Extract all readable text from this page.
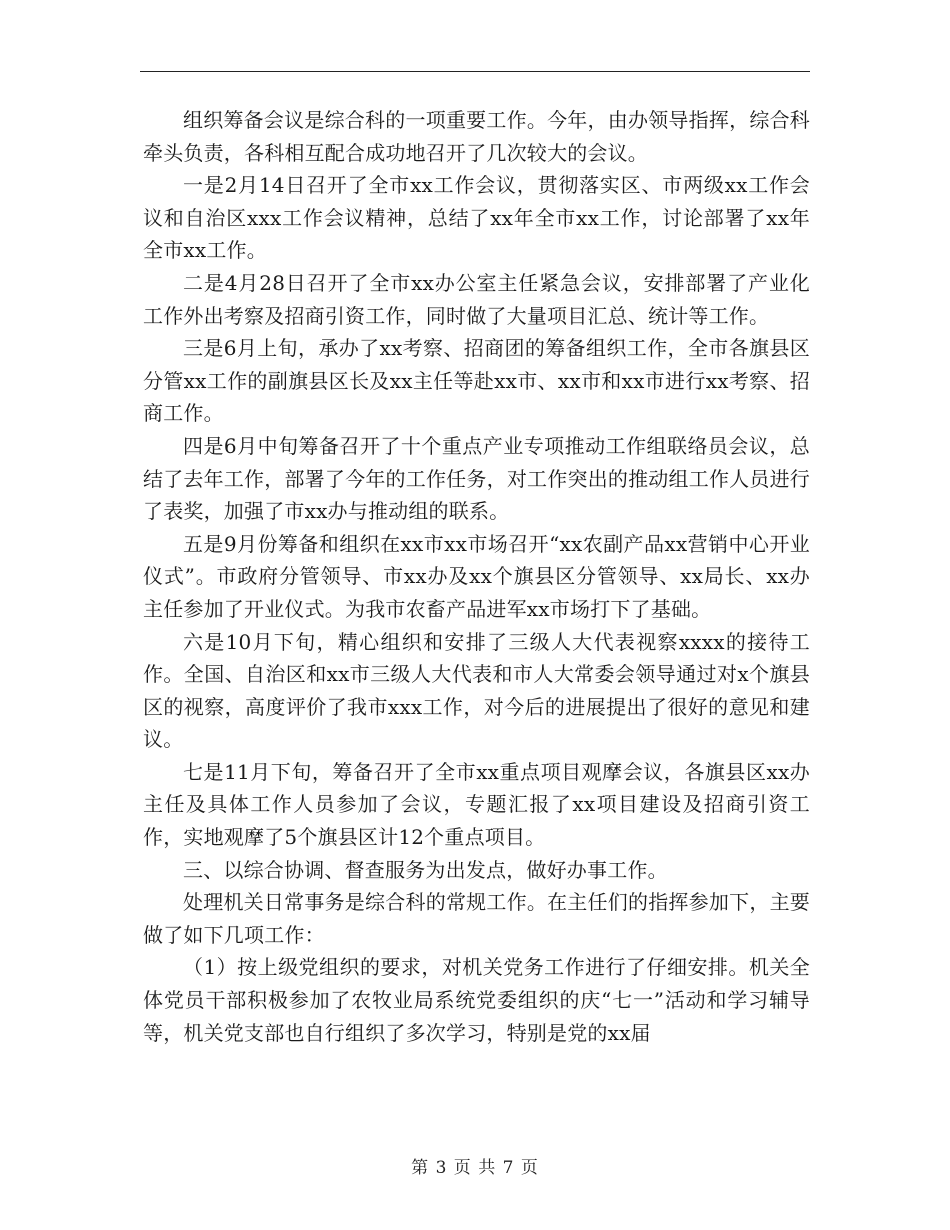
组织筹备会议是综合科的一项重要工作。今年，由办领导指挥，综合科牵头负责，各科相互配合成功地召开了几次较大的会议。

一是2月14日召开了全市xx工作会议，贯彻落实区、市两级xx工作会议和自治区xxx工作会议精神，总结了xx年全市xx工作，讨论部署了xx年全市xx工作。

二是4月28日召开了全市xx办公室主任紧急会议，安排部署了产业化工作外出考察及招商引资工作，同时做了大量项目汇总、统计等工作。

三是6月上旬，承办了xx考察、招商团的筹备组织工作，全市各旗县区分管xx工作的副旗县区长及xx主任等赴xx市、xx市和xx市进行xx考察、招商工作。

四是6月中旬筹备召开了十个重点产业专项推动工作组联络员会议，总结了去年工作，部署了今年的工作任务，对工作突出的推动组工作人员进行了表奖，加强了市xx办与推动组的联系。

五是9月份筹备和组织在xx市xx市场召开“xx农副产品xx营销中心开业仪式”。市政府分管领导、市xx办及xx个旗县区分管领导、xx局长、xx办主任参加了开业仪式。为我市农畜产品进军xx市场打下了基础。

六是10月下旬，精心组织和安排了三级人大代表视察xxxx的接待工作。全国、自治区和xx市三级人大代表和市人大常委会领导通过对x个旗县区的视察，高度评价了我市xxx工作，对今后的进展提出了很好的意见和建议。

七是11月下旬，筹备召开了全市xx重点项目观摩会议，各旗县区xx办主任及具体工作人员参加了会议，专题汇报了xx项目建设及招商引资工作，实地观摩了5个旗县区计12个重点项目。

三、以综合协调、督查服务为出发点，做好办事工作。

处理机关日常事务是综合科的常规工作。在主任们的指挥参加下，主要做了如下几项工作：

（1）按上级党组织的要求，对机关党务工作进行了仔细安排。机关全体党员干部积极参加了农牧业局系统党委组织的庆“七一”活动和学习辅导等，机关党支部也自行组织了多次学习，特别是党的xx届

第 3 页 共 7 页
